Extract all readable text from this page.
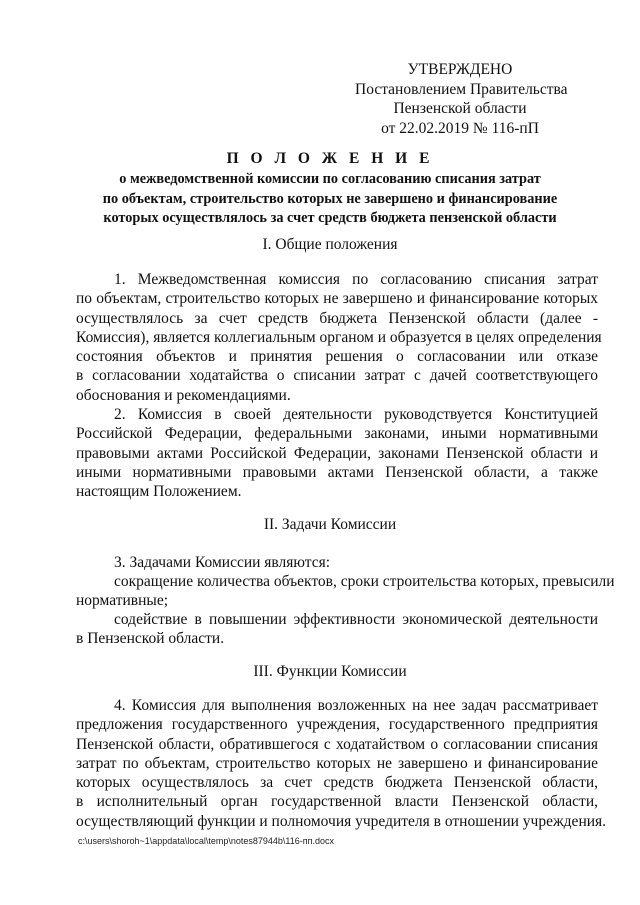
УТВЕРЖДЕНО
Постановлением Правительства
Пензенской области
от 22.02.2019 № 116-пП
П О Л О Ж Е Н И Е
о межведомственной комиссии по согласованию списания затрат
по объектам, строительство которых не завершено и финансирование
которых осуществлялось за счет средств бюджета пензенской области
I. Общие положения
1. Межведомственная комиссия по согласованию списания затрат
по объектам, строительство которых не завершено и финансирование которых
осуществлялось за счет средств бюджета Пензенской области (далее -
Комиссия), является коллегиальным органом и образуется в целях определения
состояния объектов и принятия решения о согласовании или отказе
в согласовании ходатайства о списании затрат с дачей соответствующего
обоснования и рекомендациями.
2. Комиссия в своей деятельности руководствуется Конституцией
Российской Федерации, федеральными законами, иными нормативными
правовыми актами Российской Федерации, законами Пензенской области и
иными нормативными правовыми актами Пензенской области, а также
настоящим Положением.
II. Задачи Комиссии
3. Задачами Комиссии являются:
сокращение количества объектов, сроки строительства которых, превысили
нормативные;
содействие в повышении эффективности экономической деятельности
в Пензенской области.
III. Функции Комиссии
4. Комиссия для выполнения возложенных на нее задач рассматривает
предложения государственного учреждения, государственного предприятия
Пензенской области, обратившегося с ходатайством о согласовании списания
затрат по объектам, строительство которых не завершено и финансирование
которых осуществлялось за счет средств бюджета Пензенской области,
в исполнительный орган государственной власти Пензенской области,
осуществляющий функции и полномочия учредителя в отношении учреждения.
c:\users\shoroh~1\appdata\local\temp\notes87944b\116-пп.docx
